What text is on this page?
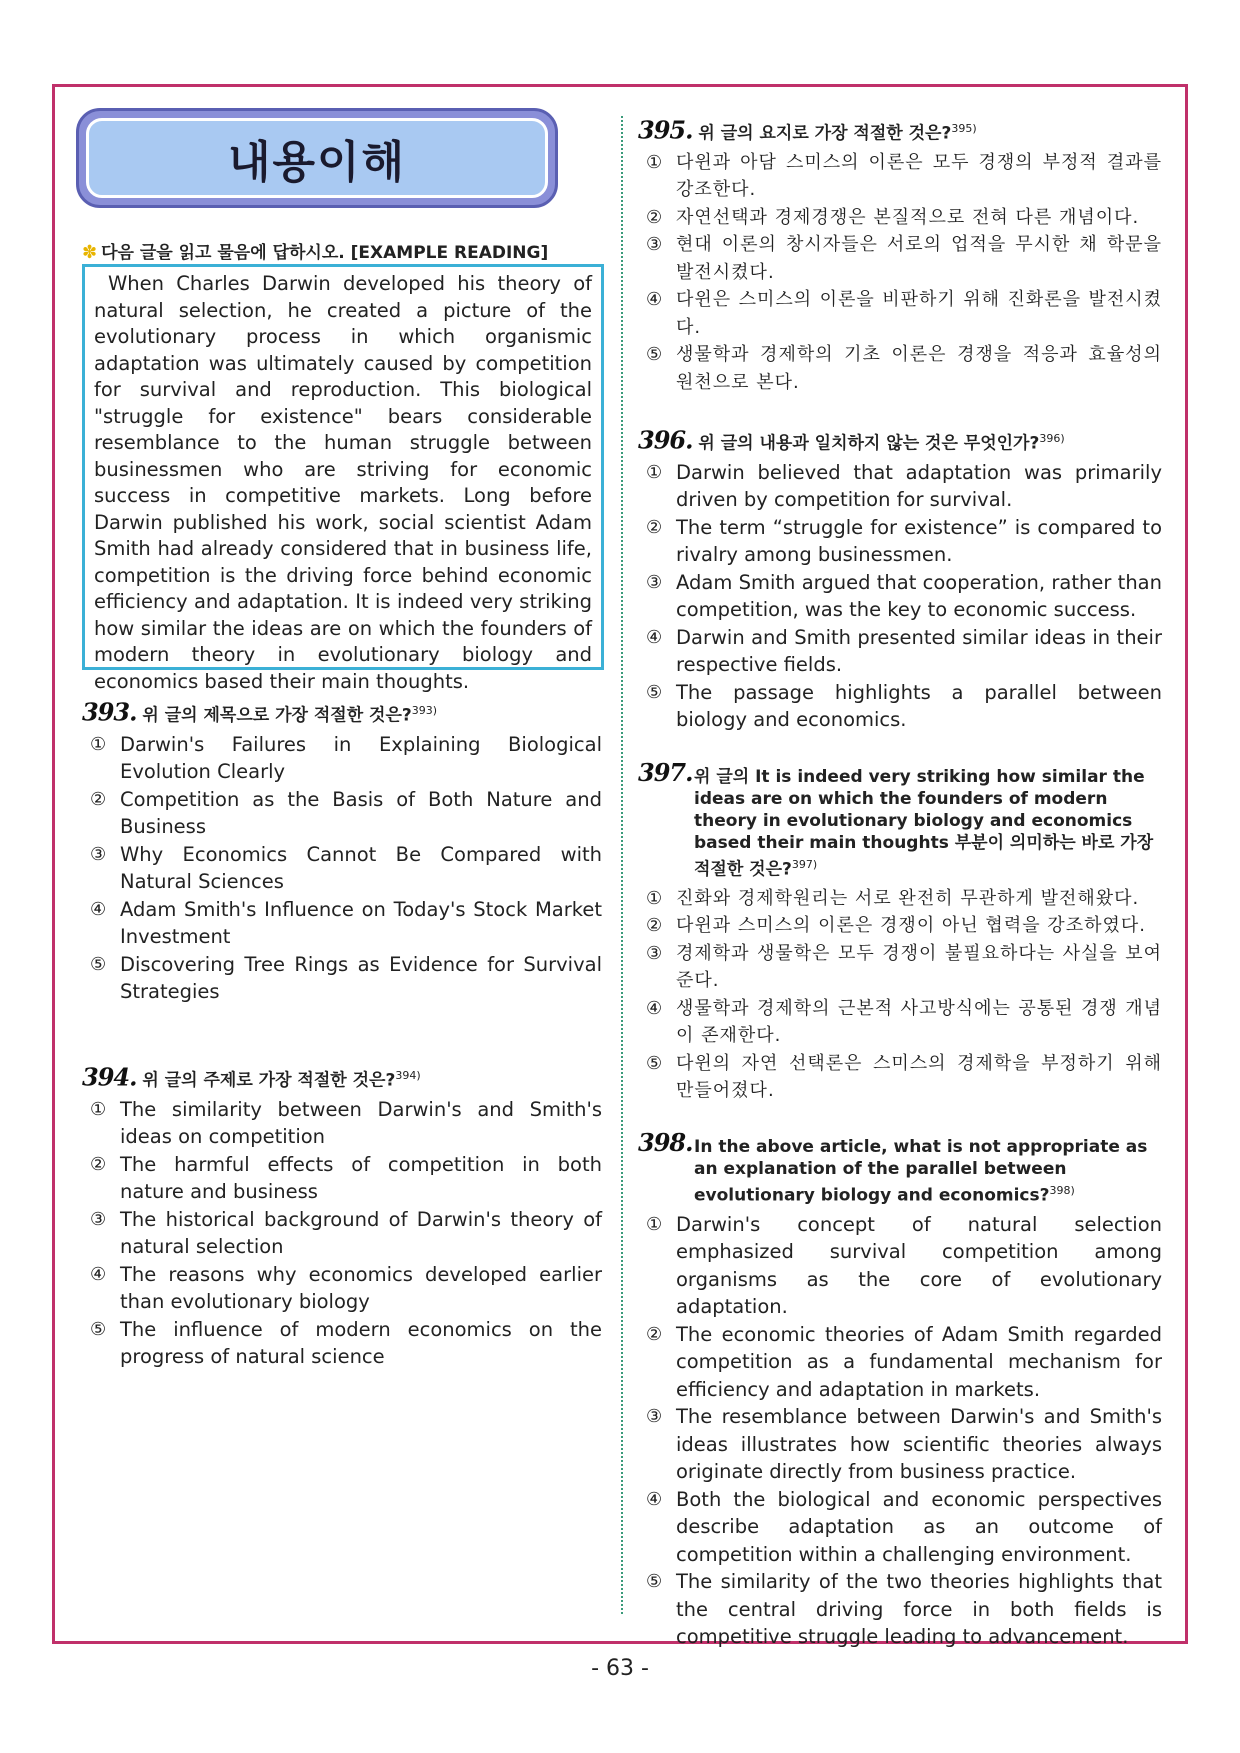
내용이해
✽ 다음 글을 읽고 물음에 답하시오. [EXAMPLE READING]

When Charles Darwin developed his theory of natural selection, he created a picture of the evolutionary process in which organismic adaptation was ultimately caused by competition for survival and reproduction. This biological "struggle for existence" bears considerable resemblance to the human struggle between businessmen who are striving for economic success in competitive markets. Long before Darwin published his work, social scientist Adam Smith had already considered that in business life, competition is the driving force behind economic efficiency and adaptation. It is indeed very striking how similar the ideas are on which the founders of modern theory in evolutionary biology and economics based their main thoughts.

393. 위 글의 제목으로 가장 적절한 것은?$^{393)}$
① Darwin's Failures in Explaining Biological Evolution Clearly
② Competition as the Basis of Both Nature and Business
③ Why Economics Cannot Be Compared with Natural Sciences
④ Adam Smith's Influence on Today's Stock Market Investment
⑤ Discovering Tree Rings as Evidence for Survival Strategies
394. 위 글의 주제로 가장 적절한 것은?$^{394)}$
① The similarity between Darwin's and Smith's ideas on competition
② The harmful effects of competition in both nature and business
③ The historical background of Darwin's theory of natural selection
④ The reasons why economics developed earlier than evolutionary biology
⑤ The influence of modern economics on the progress of natural science
395. 위 글의 요지로 가장 적절한 것은?$^{395)}$
① 다윈과 아담 스미스의 이론은 모두 경쟁의 부정적 결과를 강조한다.
② 자연선택과 경제경쟁은 본질적으로 전혀 다른 개념이다.
③ 현대 이론의 창시자들은 서로의 업적을 무시한 채 학문을 발전시켰다.
④ 다윈은 스미스의 이론을 비판하기 위해 진화론을 발전시켰다.
⑤ 생물학과 경제학의 기초 이론은 경쟁을 적응과 효율성의 원천으로 본다.
396. 위 글의 내용과 일치하지 않는 것은 무엇인가?$^{396)}$
① Darwin believed that adaptation was primarily driven by competition for survival.
② The term “struggle for existence” is compared to rivalry among businessmen.
③ Adam Smith argued that cooperation, rather than competition, was the key to economic success.
④ Darwin and Smith presented similar ideas in their respective fields.
⑤ The passage highlights a parallel between biology and economics.
397. 위 글의 It is indeed very striking how similar the ideas are on which the founders of modern theory in evolutionary biology and economics based their main thoughts 부분이 의미하는 바로 가장 적절한 것은?$^{397)}$
① 진화와 경제학원리는 서로 완전히 무관하게 발전해왔다.
② 다윈과 스미스의 이론은 경쟁이 아닌 협력을 강조하였다.
③ 경제학과 생물학은 모두 경쟁이 불필요하다는 사실을 보여준다.
④ 생물학과 경제학의 근본적 사고방식에는 공통된 경쟁 개념이 존재한다.
⑤ 다윈의 자연 선택론은 스미스의 경제학을 부정하기 위해 만들어졌다.
398. In the above article, what is not appropriate as an explanation of the parallel between evolutionary biology and economics?$^{398)}$
① Darwin's concept of natural selection emphasized survival competition among organisms as the core of evolutionary adaptation.
② The economic theories of Adam Smith regarded competition as a fundamental mechanism for efficiency and adaptation in markets.
③ The resemblance between Darwin's and Smith's ideas illustrates how scientific theories always originate directly from business practice.
④ Both the biological and economic perspectives describe adaptation as an outcome of competition within a challenging environment.
⑤ The similarity of the two theories highlights that the central driving force in both fields is competitive struggle leading to advancement.
- 63 -
